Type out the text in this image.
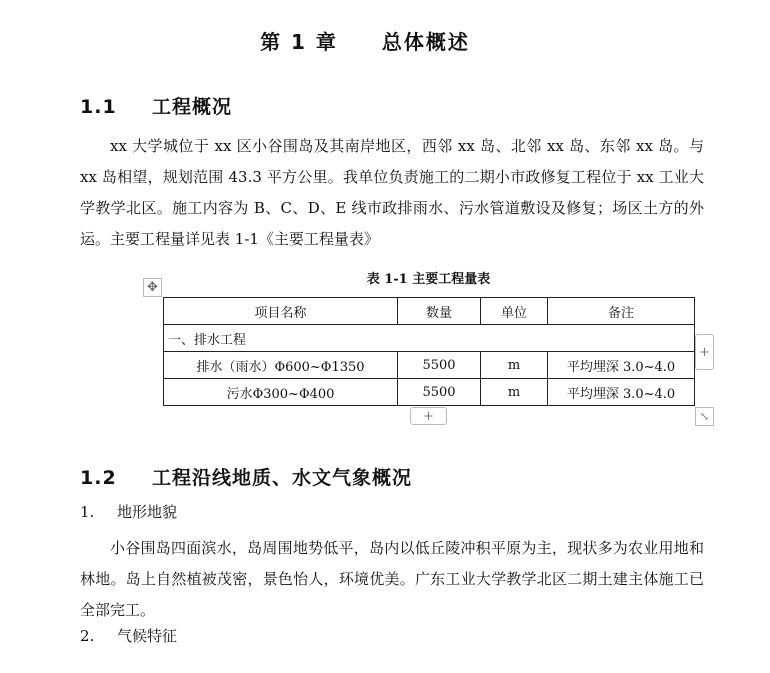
第 1 章 总体概述
1.1 工程概况

xx 大学城位于 xx 区小谷围岛及其南岸地区，西邻 xx 岛、北邻 xx 岛、东邻 xx 岛。与 xx 岛相望，规划范围 43.3 平方公里。我单位负责施工的二期小市政修复工程位于 xx 工业大学教学北区。施工内容为 B、C、D、E 线市政排雨水、污水管道敷设及修复；场区土方的外运。主要工程量详见表 1-1《主要工程量表》

✥
表 1-1 主要工程量表
项目名称	数量	单位	备注
一、排水工程			
排水（雨水）Φ600~Φ1350	5500	m	平均埋深 3.0~4.0
污水Φ300~Φ400	5500	m	平均埋深 3.0~4.0
+
+	⤡
1.2 工程沿线地质、水文气象概况
1. 地形地貌

小谷围岛四面滨水，岛周围地势低平，岛内以低丘陵冲积平原为主，现状多为农业用地和林地。岛上自然植被茂密，景色怡人，环境优美。广东工业大学教学北区二期土建主体施工已全部完工。

2. 气候特征
